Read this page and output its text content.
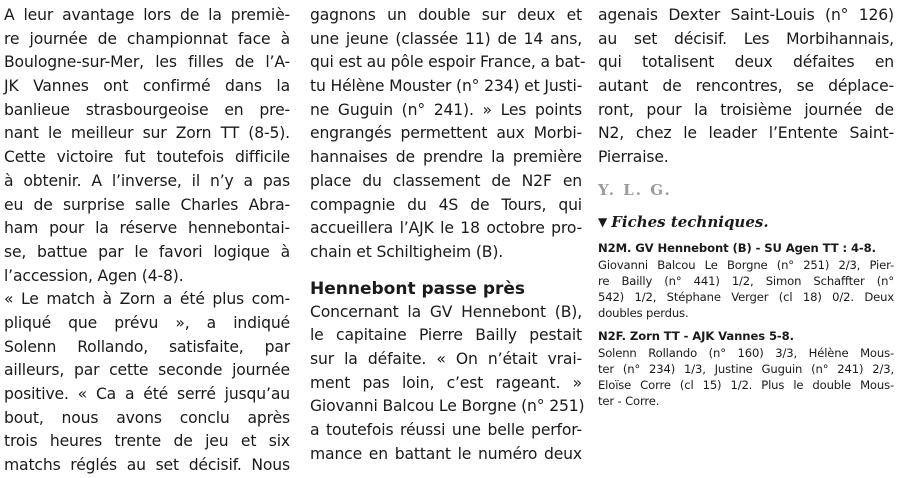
A leur avantage lors de la premiè-
re journée de championnat face à
Boulogne-sur-Mer, les filles de l’A-
JK Vannes ont confirmé dans la
banlieue strasbourgeoise en pre-
nant le meilleur sur Zorn TT (8-5).
Cette victoire fut toutefois difficile
à obtenir. A l’inverse, il n’y a pas
eu de surprise salle Charles Abra-
ham pour la réserve hennebontai-
se, battue par le favori logique à
l’accession, Agen (4-8).
« Le match à Zorn a été plus com-
pliqué que prévu », a indiqué
Solenn Rollando, satisfaite, par
ailleurs, par cette seconde journée
positive. « Ca a été serré jusqu’au
bout, nous avons conclu après
trois heures trente de jeu et six
matchs réglés au set décisif. Nous
gagnons un double sur deux et
une jeune (classée 11) de 14 ans,
qui est au pôle espoir France, a bat-
tu Hélène Mouster (n° 234) et Justi-
ne Guguin (n° 241). » Les points
engrangés permettent aux Morbi-
hannaises de prendre la première
place du classement de N2F en
compagnie du 4S de Tours, qui
accueillera l’AJK le 18 octobre pro-
chain et Schiltigheim (B).
Hennebont passe près
Concernant la GV Hennebont (B),
le capitaine Pierre Bailly pestait
sur la défaite. « On n’était vrai-
ment pas loin, c’est rageant. »
Giovanni Balcou Le Borgne (n° 251)
a toutefois réussi une belle perfor-
mance en battant le numéro deux
agenais Dexter Saint-Louis (n° 126)
au set décisif. Les Morbihannais,
qui totalisent deux défaites en
autant de rencontres, se déplace-
ront, pour la troisième journée de
N2, chez le leader l’Entente Saint-
Pierraise.
Y. L. G.
▼ Fiches techniques.
N2M. GV Hennebont (B) - SU Agen TT : 4-8.
Giovanni Balcou Le Borgne (n° 251) 2/3, Pier-
re Bailly (n° 441) 1/2, Simon Schaffter (n°
542) 1/2, Stéphane Verger (cl 18) 0/2. Deux
doubles perdus.
N2F. Zorn TT - AJK Vannes 5-8.
Solenn Rollando (n° 160) 3/3, Hélène Mous-
ter (n° 234) 1/3, Justine Guguin (n° 241) 2/3,
Eloïse Corre (cl 15) 1/2. Plus le double Mous-
ter - Corre.
